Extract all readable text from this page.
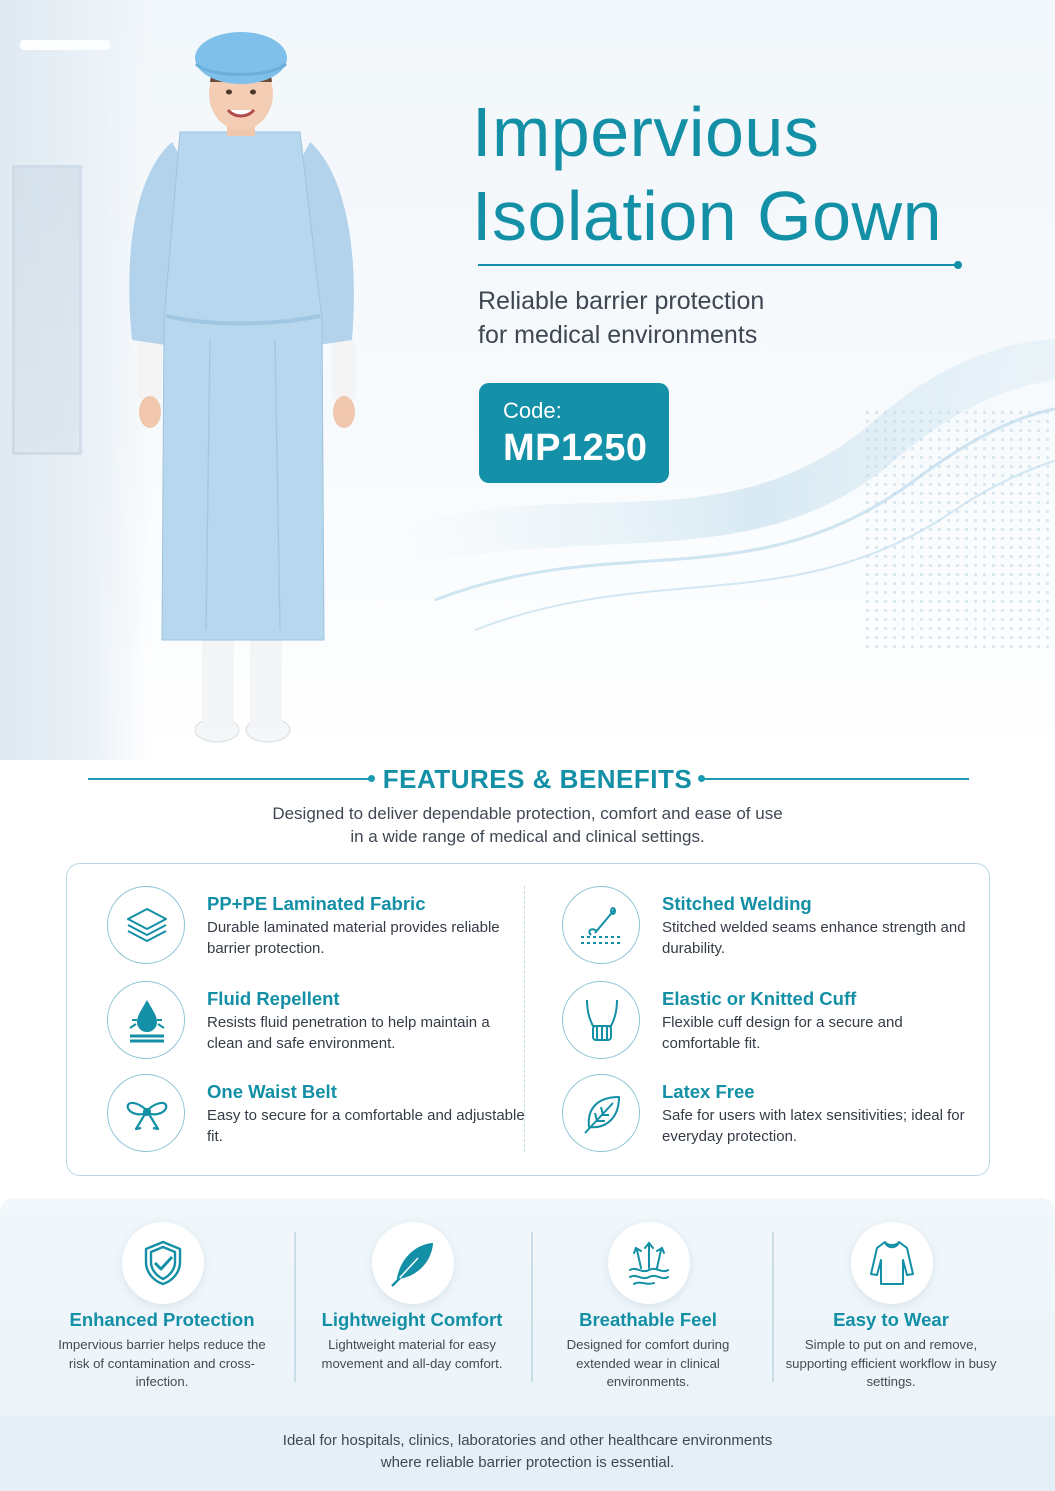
Impervious
Isolation Gown
Reliable barrier protection
for medical environments
Code:
MP1250
FEATURES & BENEFITS
Designed to deliver dependable protection, comfort and ease of use
in a wide range of medical and clinical settings.
PP+PE Laminated Fabric
Durable laminated material provides reliable barrier protection.
Fluid Repellent
Resists fluid penetration to help maintain a clean and safe environment.
One Waist Belt
Easy to secure for a comfortable and adjustable fit.
Stitched Welding
Stitched welded seams enhance strength and durability.
Elastic or Knitted Cuff
Flexible cuff design for a secure and comfortable fit.
Latex Free
Safe for users with latex sensitivities; ideal for everyday protection.
Enhanced Protection
Impervious barrier helps reduce the risk of contamination and cross-infection.
Lightweight Comfort
Lightweight material for easy movement and all-day comfort.
Breathable Feel
Designed for comfort during extended wear in clinical environments.
Easy to Wear
Simple to put on and remove, supporting efficient workflow in busy settings.
Ideal for hospitals, clinics, laboratories and other healthcare environments
where reliable barrier protection is essential.
